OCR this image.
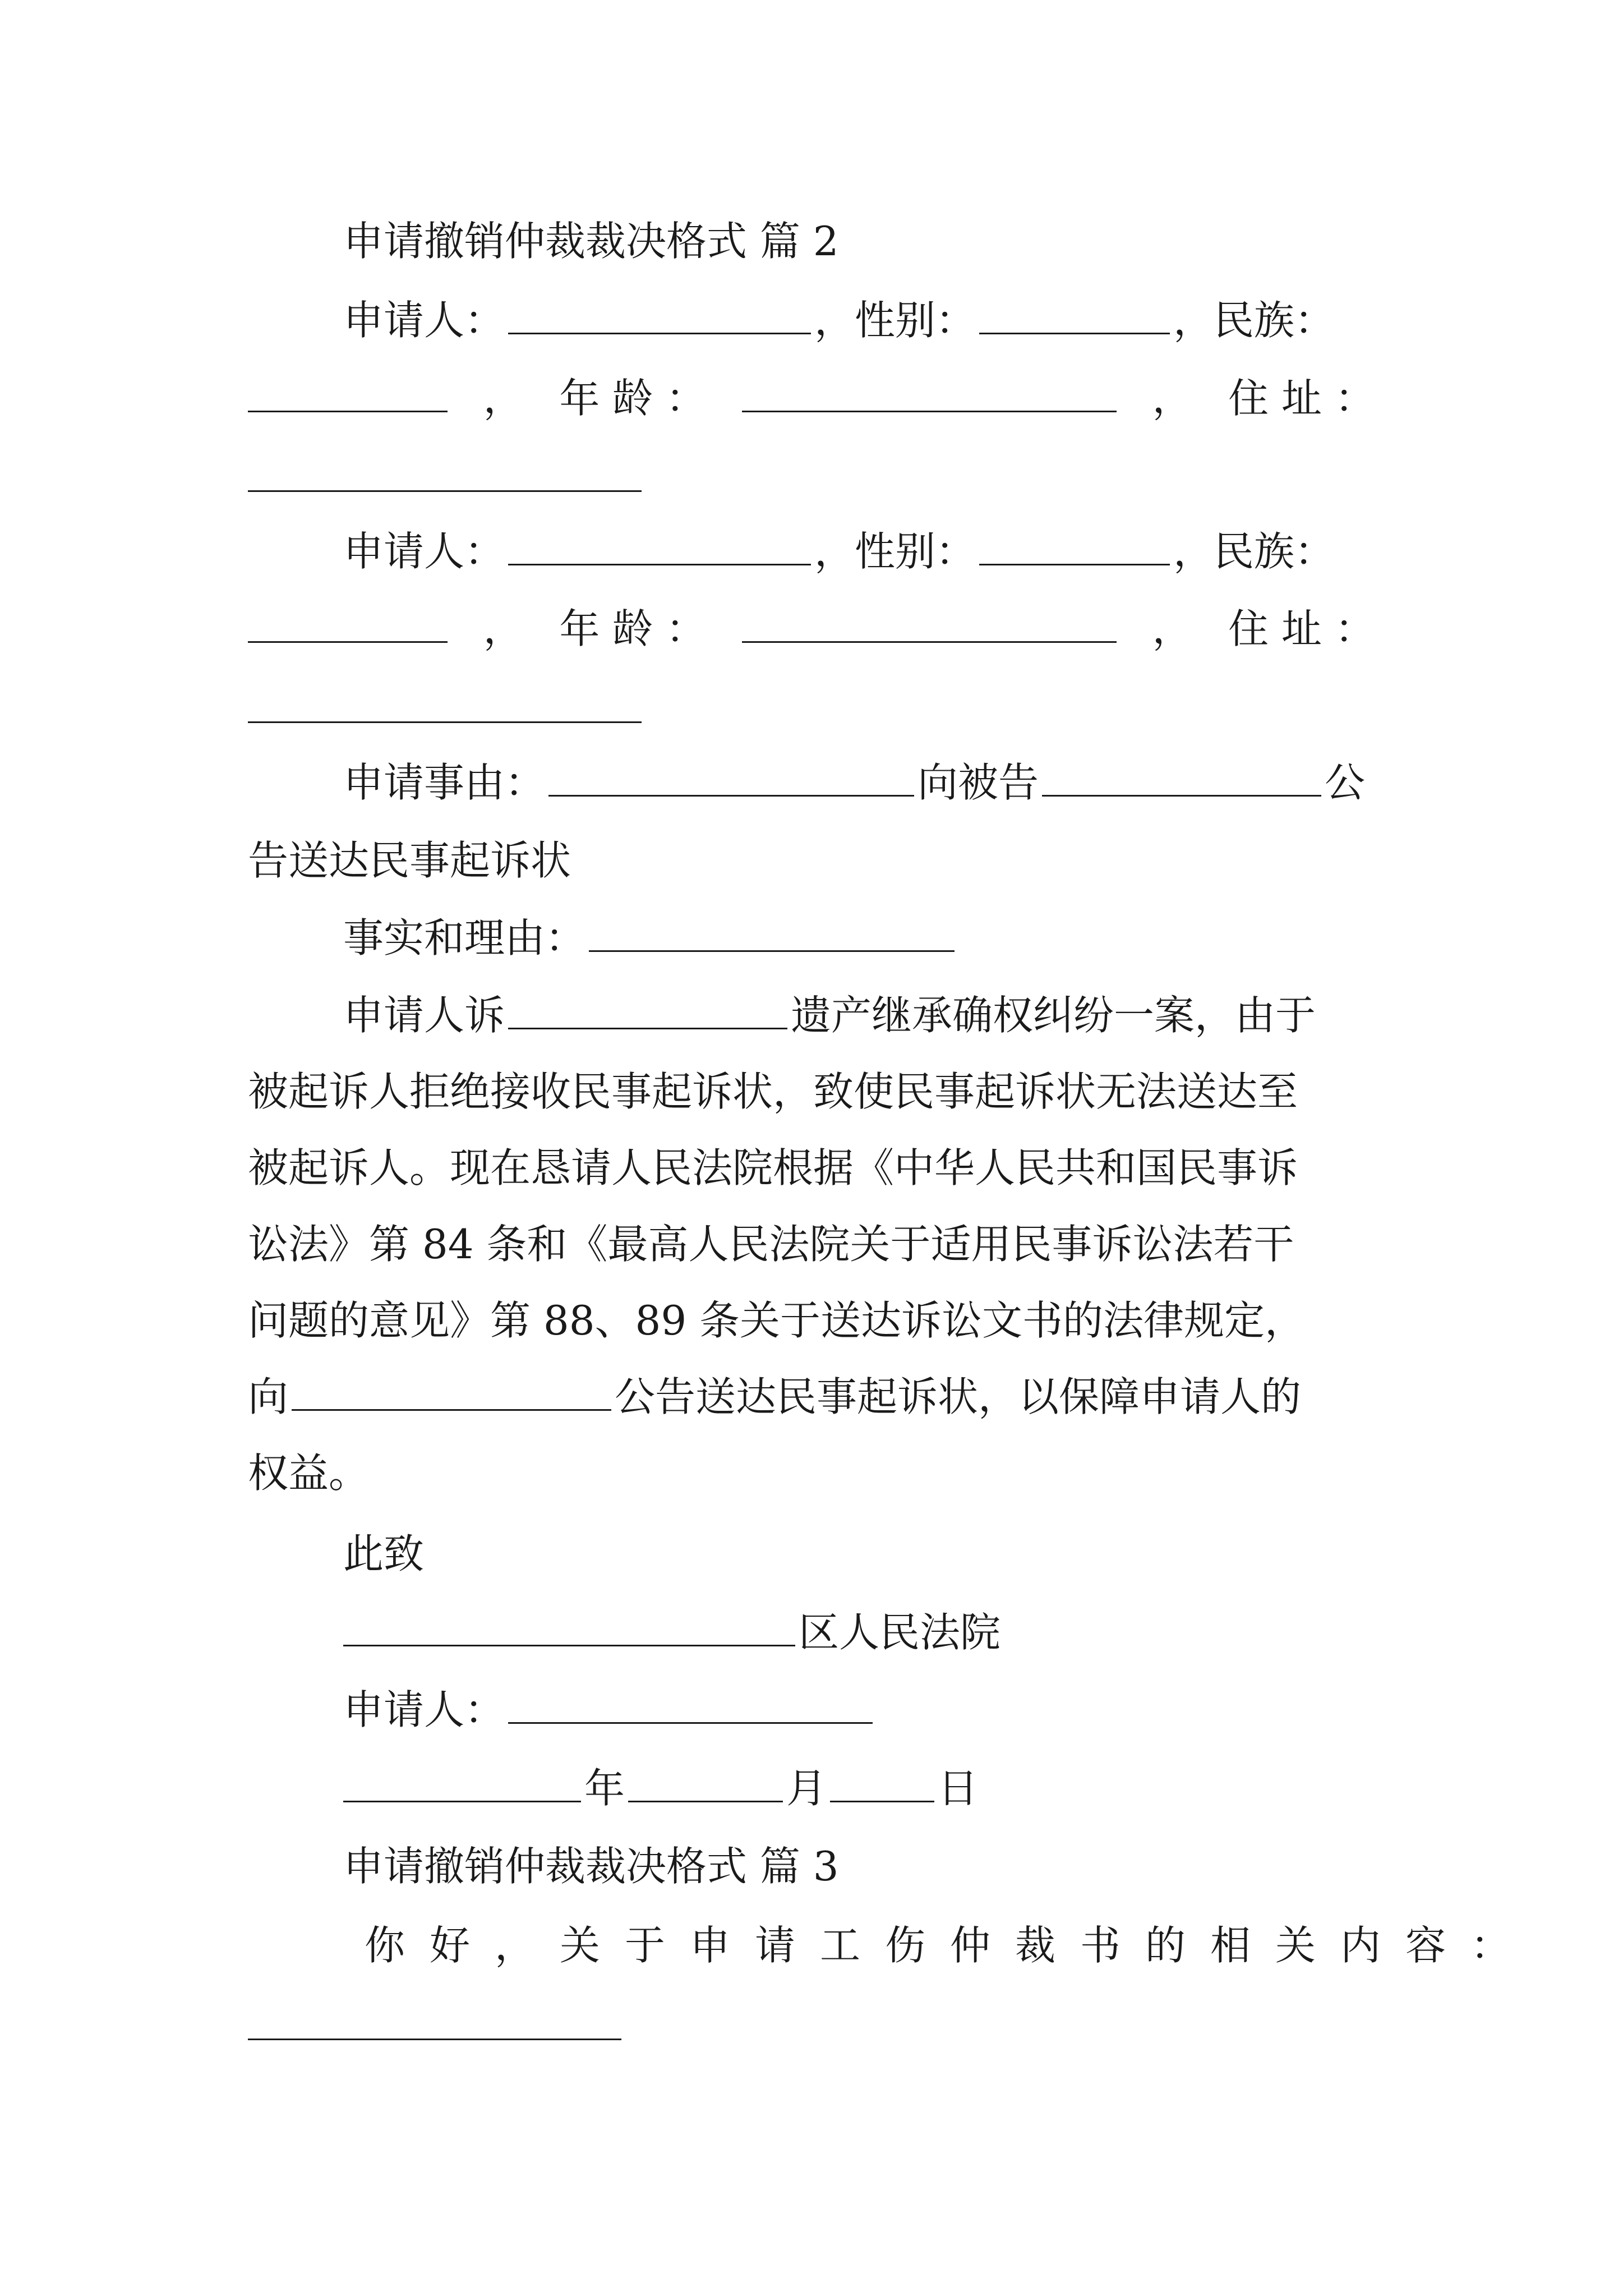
申请撤销仲裁裁决格式 篇 2
申请人：	，性别：	，民族：
， 年 龄 ：	， 住 址 ：
申请人：	，性别：	，民族：
， 年 龄 ：	， 住 址 ：
申请事由：	向被告	公
告送达民事起诉状
事实和理由：
申请人诉	遗产继承确权纠纷一案，由于
被起诉人拒绝接收民事起诉状，致使民事起诉状无法送达至
被起诉人。现在恳请人民法院根据《中华人民共和国民事诉
讼法》第 84 条和《最高人民法院关于适用民事诉讼法若干
问题的意见》第 88、89 条关于送达诉讼文书的法律规定，
向	公告送达民事起诉状，以保障申请人的
权益。
此致
区人民法院
申请人：
年	月	日
申请撤销仲裁裁决格式 篇 3
你好，关于申请工伤仲裁书的相关内容：
